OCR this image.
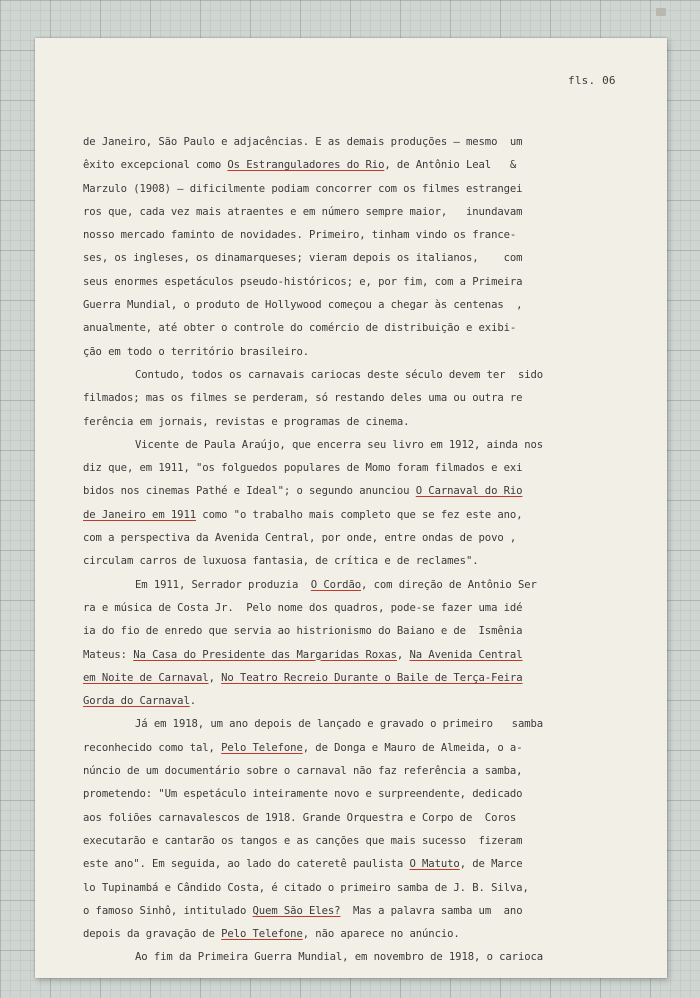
fls. 06
de Janeiro, São Paulo e adjacências. E as demais produções — mesmo  um
êxito excepcional como Os Estranguladores do Rio, de Antônio Leal   &
Marzulo (1908) — dificilmente podiam concorrer com os filmes estrangei
ros que, cada vez mais atraentes e em número sempre maior,   inundavam
nosso mercado faminto de novidades. Primeiro, tinham vindo os france-
ses, os ingleses, os dinamarqueses; vieram depois os italianos,    com
seus enormes espetáculos pseudo-históricos; e, por fim, com a Primeira
Guerra Mundial, o produto de Hollywood começou a chegar às centenas  ,
anualmente, até obter o controle do comércio de distribuição e exibi-
ção em todo o território brasileiro.
Contudo, todos os carnavais cariocas deste século devem ter  sido
filmados; mas os filmes se perderam, só restando deles uma ou outra re
ferência em jornais, revistas e programas de cinema.
Vicente de Paula Araújo, que encerra seu livro em 1912, ainda nos
diz que, em 1911, "os folguedos populares de Momo foram filmados e exi
bidos nos cinemas Pathé e Ideal"; o segundo anunciou O Carnaval do Rio
de Janeiro em 1911 como "o trabalho mais completo que se fez este ano,
com a perspectiva da Avenida Central, por onde, entre ondas de povo ,
circulam carros de luxuosa fantasia, de crítica e de reclames".
Em 1911, Serrador produzia  O Cordão, com direção de Antônio Ser
ra e música de Costa Jr.  Pelo nome dos quadros, pode-se fazer uma idé
ia do fio de enredo que servia ao histrionismo do Baiano e de  Ismênia
Mateus: Na Casa do Presidente das Margaridas Roxas, Na Avenida Central
em Noite de Carnaval, No Teatro Recreio Durante o Baile de Terça-Feira
Gorda do Carnaval.
Já em 1918, um ano depois de lançado e gravado o primeiro   samba
reconhecido como tal, Pelo Telefone, de Donga e Mauro de Almeida, o a-
núncio de um documentário sobre o carnaval não faz referência a samba,
prometendo: "Um espetáculo inteiramente novo e surpreendente, dedicado
aos foliões carnavalescos de 1918. Grande Orquestra e Corpo de  Coros
executarão e cantarão os tangos e as canções que mais sucesso  fizeram
este ano". Em seguida, ao lado do cateretê paulista O Matuto, de Marce
lo Tupinambá e Cândido Costa, é citado o primeiro samba de J. B. Silva,
o famoso Sinhô, intitulado Quem São Eles?  Mas a palavra samba um  ano
depois da gravação de Pelo Telefone, não aparece no anúncio.
Ao fim da Primeira Guerra Mundial, em novembro de 1918, o carioca
